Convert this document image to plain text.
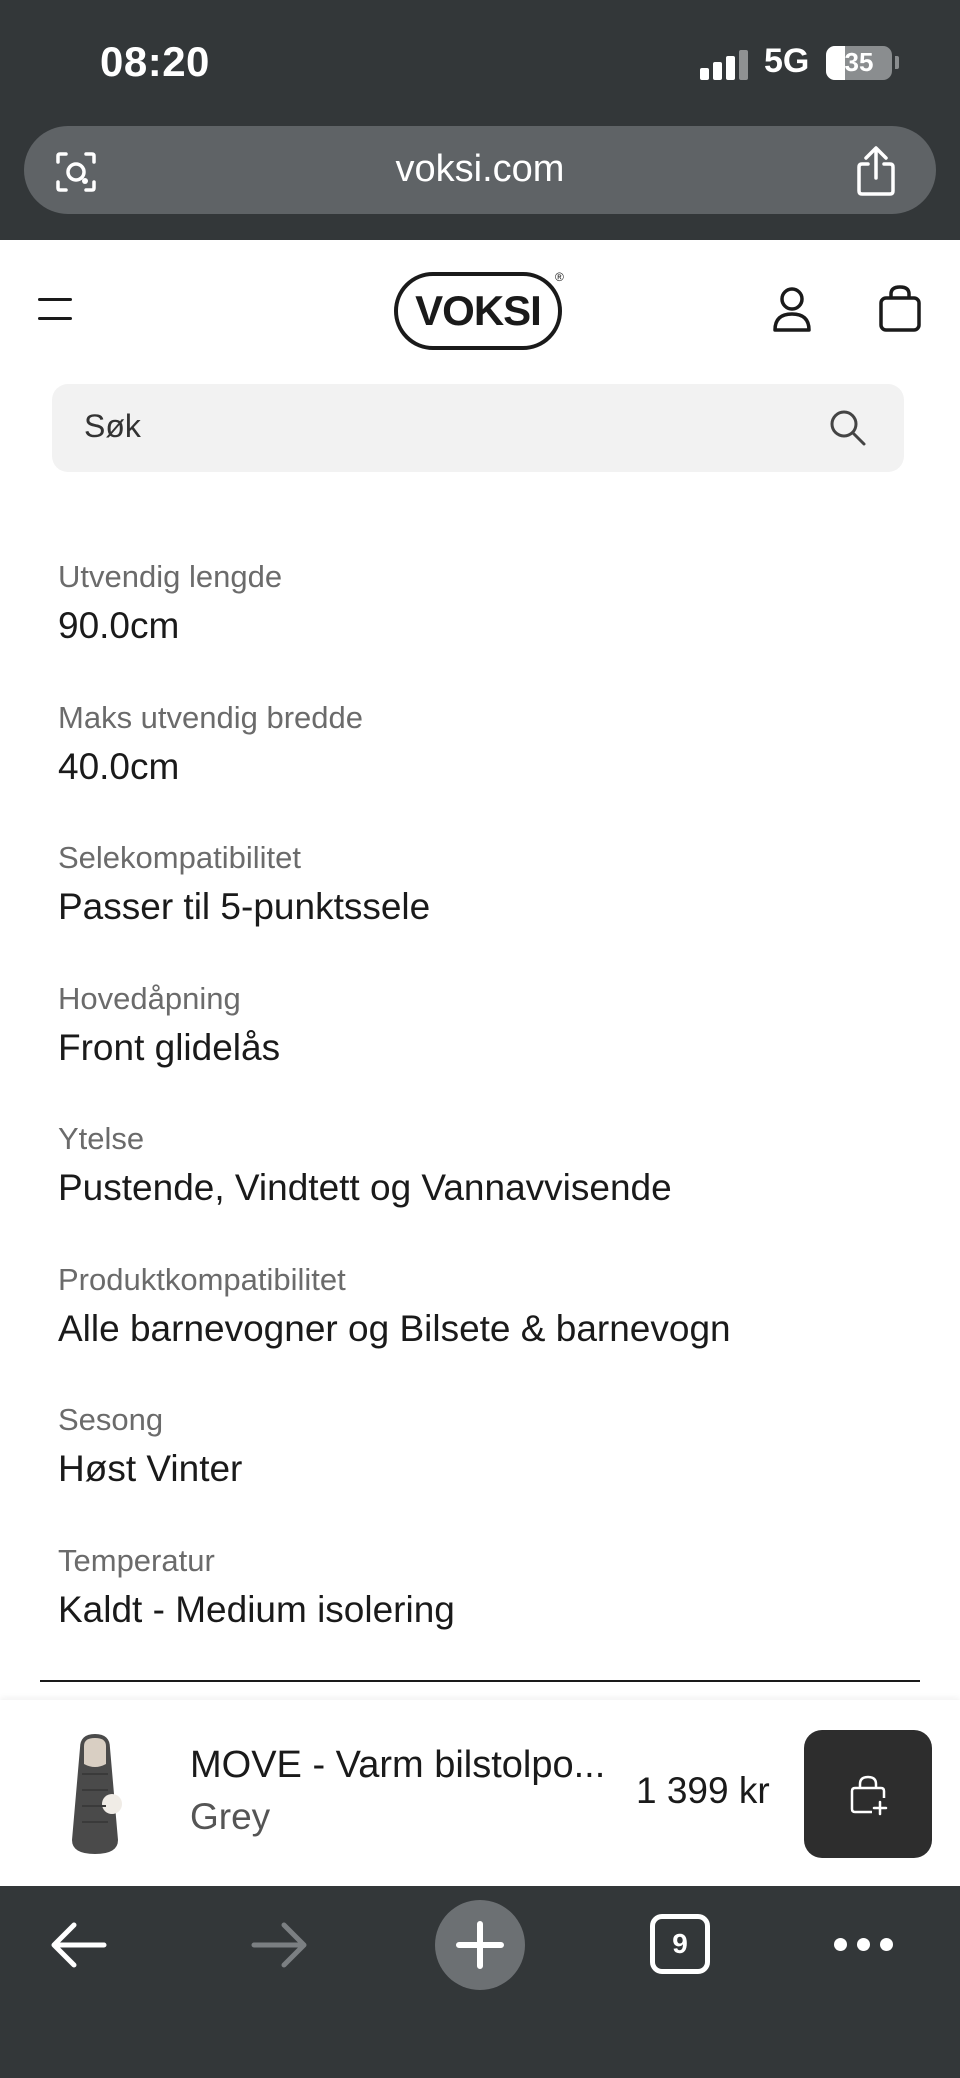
08:20	5G	35
voksi.com
VOKSI
®
Søk
Utvendig lengde
90.0cm
Maks utvendig bredde
40.0cm
Selekompatibilitet
Passer til 5-punktssele
Hovedåpning
Front glidelås
Ytelse
Pustende, Vindtett og Vannavvisende
Produktkompatibilitet
Alle barnevogner og Bilsete & barnevogn
Sesong
Høst Vinter
Temperatur
Kaldt - Medium isolering
MOVE - Varm bilstolpo...
Grey
1 399 kr
9
